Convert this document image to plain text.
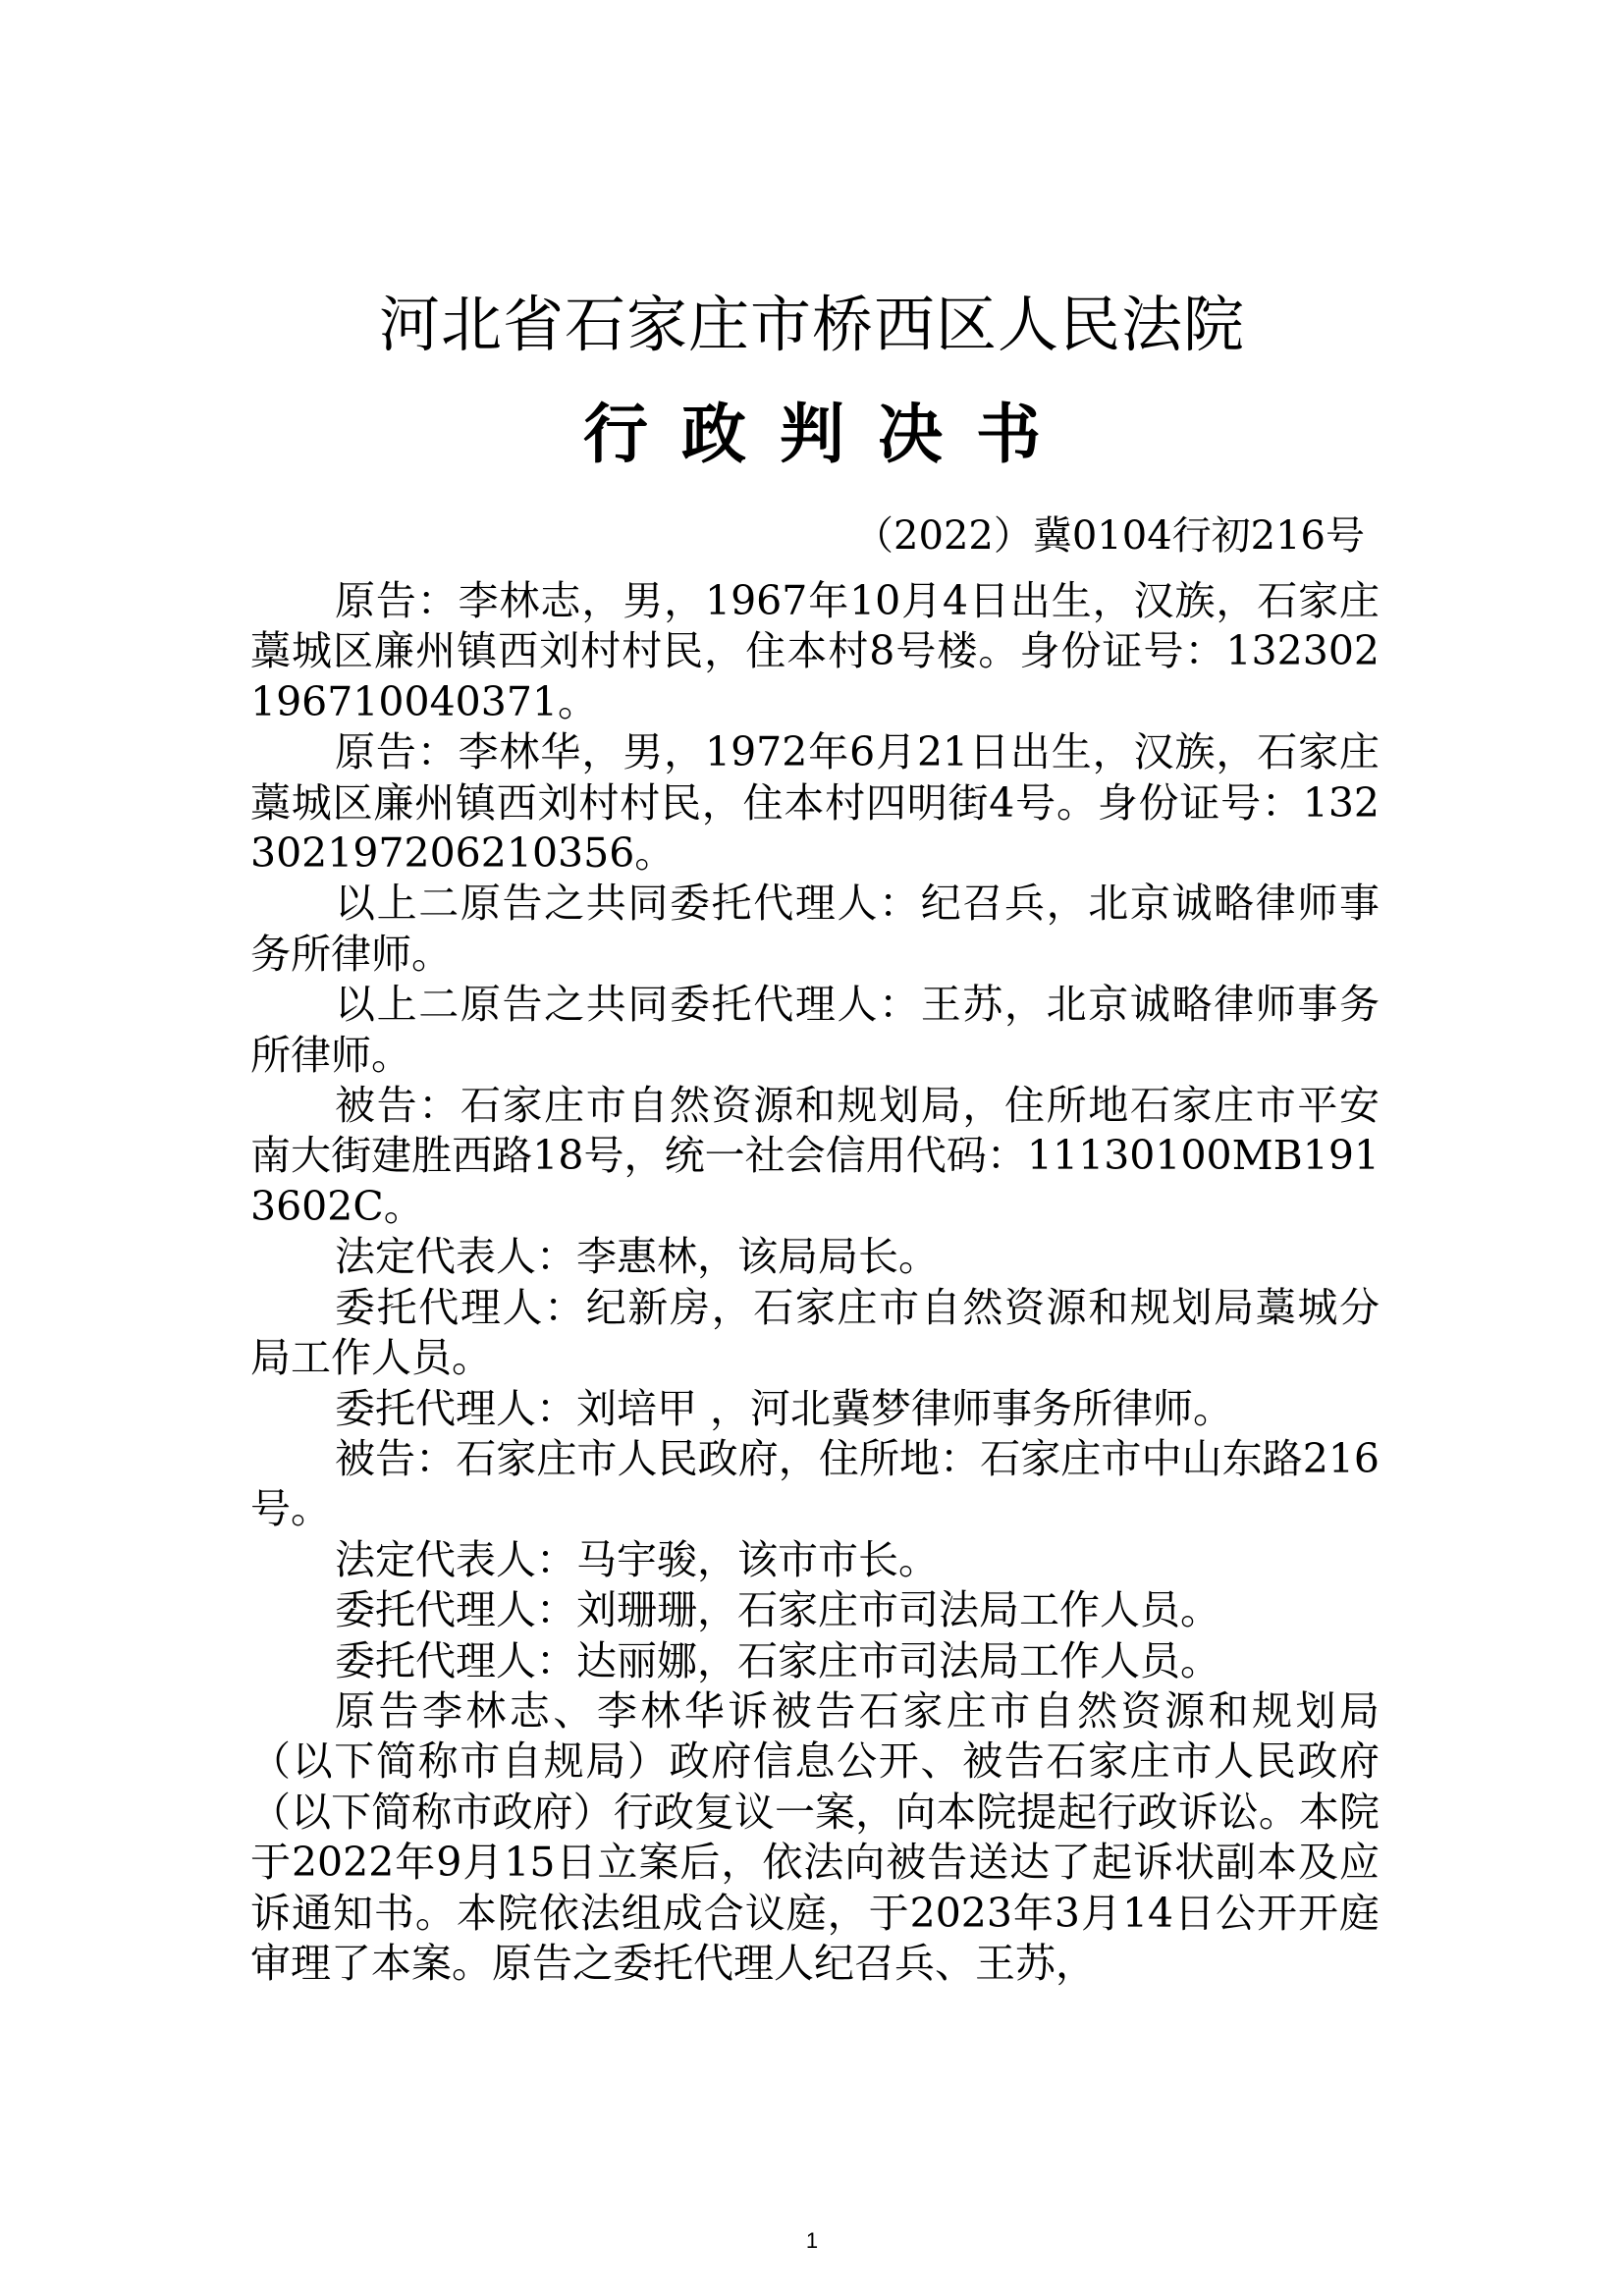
河北省石家庄市桥西区人民法院
行政判决书
（2022）冀0104行初216号

原告：李林志，男，1967年10月4日出生，汉族，石家庄藁城区廉州镇西刘村村民，住本村8号楼。身份证号：132302196710040371。

原告：李林华，男，1972年6月21日出生，汉族，石家庄藁城区廉州镇西刘村村民，住本村四明街4号。身份证号：132302197206210356。

以上二原告之共同委托代理人：纪召兵，北京诚略律师事务所律师。

以上二原告之共同委托代理人：王苏，北京诚略律师事务所律师。

被告：石家庄市自然资源和规划局，住所地石家庄市平安南大街建胜西路18号，统一社会信用代码：11130100MB1913602C。

法定代表人：李惠林，该局局长。

委托代理人：纪新房，石家庄市自然资源和规划局藁城分局工作人员。

委托代理人：刘培甲 ，河北冀梦律师事务所律师。

被告：石家庄市人民政府，住所地：石家庄市中山东路216号。

法定代表人：马宇骏，该市市长。

委托代理人：刘珊珊，石家庄市司法局工作人员。

委托代理人：达丽娜，石家庄市司法局工作人员。

原告李林志、李林华诉被告石家庄市自然资源和规划局（以下简称市自规局）政府信息公开、被告石家庄市人民政府（以下简称市政府）行政复议一案，向本院提起行政诉讼。本院于2022年9月15日立案后，依法向被告送达了起诉状副本及应诉通知书。本院依法组成合议庭，于2023年3月14日公开开庭审理了本案。原告之委托代理人纪召兵、王苏，

1
